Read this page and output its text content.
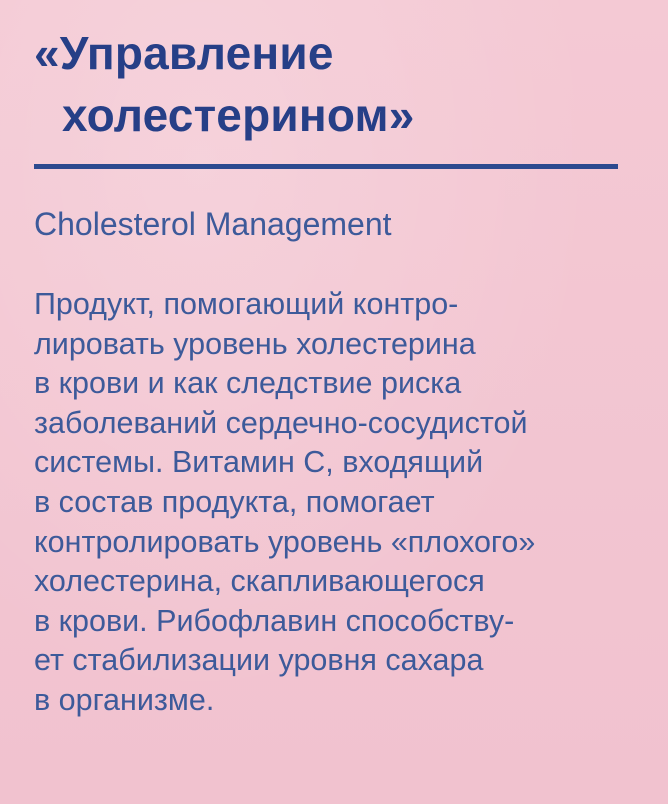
«Управление
холестерином»

Cholesterol Management

Продукт, помогающий контро-
лировать уровень холестерина
в крови и как следствие риска
заболеваний сердечно-сосудистой
системы. Витамин С, входящий
в состав продукта, помогает
контролировать уровень «плохого»
холестерина, скапливающегося
в крови. Рибофлавин способству-
ет стабилизации уровня сахара
в организме.
